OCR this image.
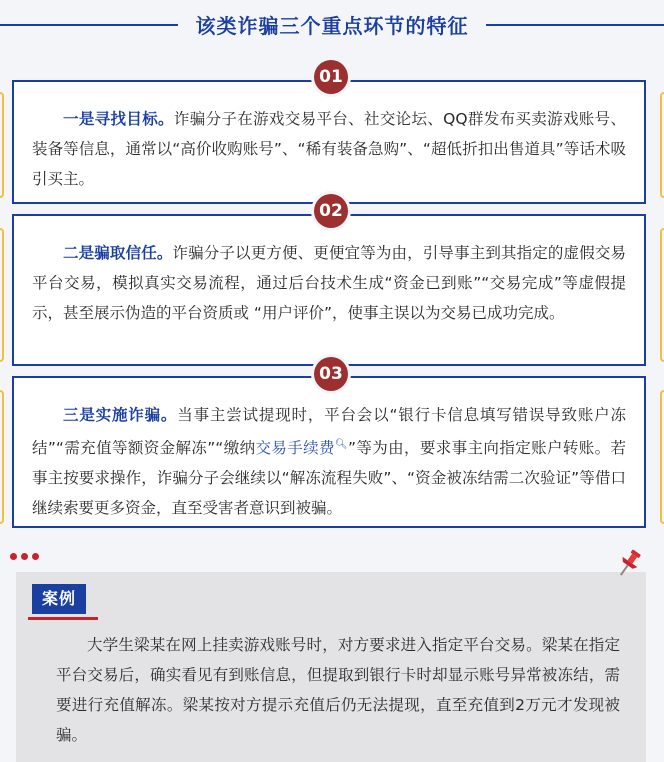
该类诈骗三个重点环节的特征
一是寻找目标。诈骗分子在游戏交易平台、社交论坛、QQ群发布买卖游戏账号、装备等信息，通常以“高价收购账号”、“稀有装备急购”、“超低折扣出售道具”等话术吸引买主。
01
二是骗取信任。诈骗分子以更方便、更便宜等为由，引导事主到其指定的虚假交易平台交易，模拟真实交易流程，通过后台技术生成“资金已到账”“交易完成”等虚假提示，甚至展示伪造的平台资质或 “用户评价”，使事主误以为交易已成功完成。
02
三是实施诈骗。当事主尝试提现时，平台会以“银行卡信息填写错误导致账户冻结”“需充值等额资金解冻”“缴纳交易手续费🔍︎”等为由，要求事主向指定账户转账。若事主按要求操作，诈骗分子会继续以“解冻流程失败”、“资金被冻结需二次验证”等借口继续索要更多资金，直至受害者意识到被骗。
03
案例
大学生梁某在网上挂卖游戏账号时，对方要求进入指定平台交易。梁某在指定平台交易后，确实看见有到账信息，但提取到银行卡时却显示账号异常被冻结，需要进行充值解冻。梁某按对方提示充值后仍无法提现，直至充值到2万元才发现被骗。
